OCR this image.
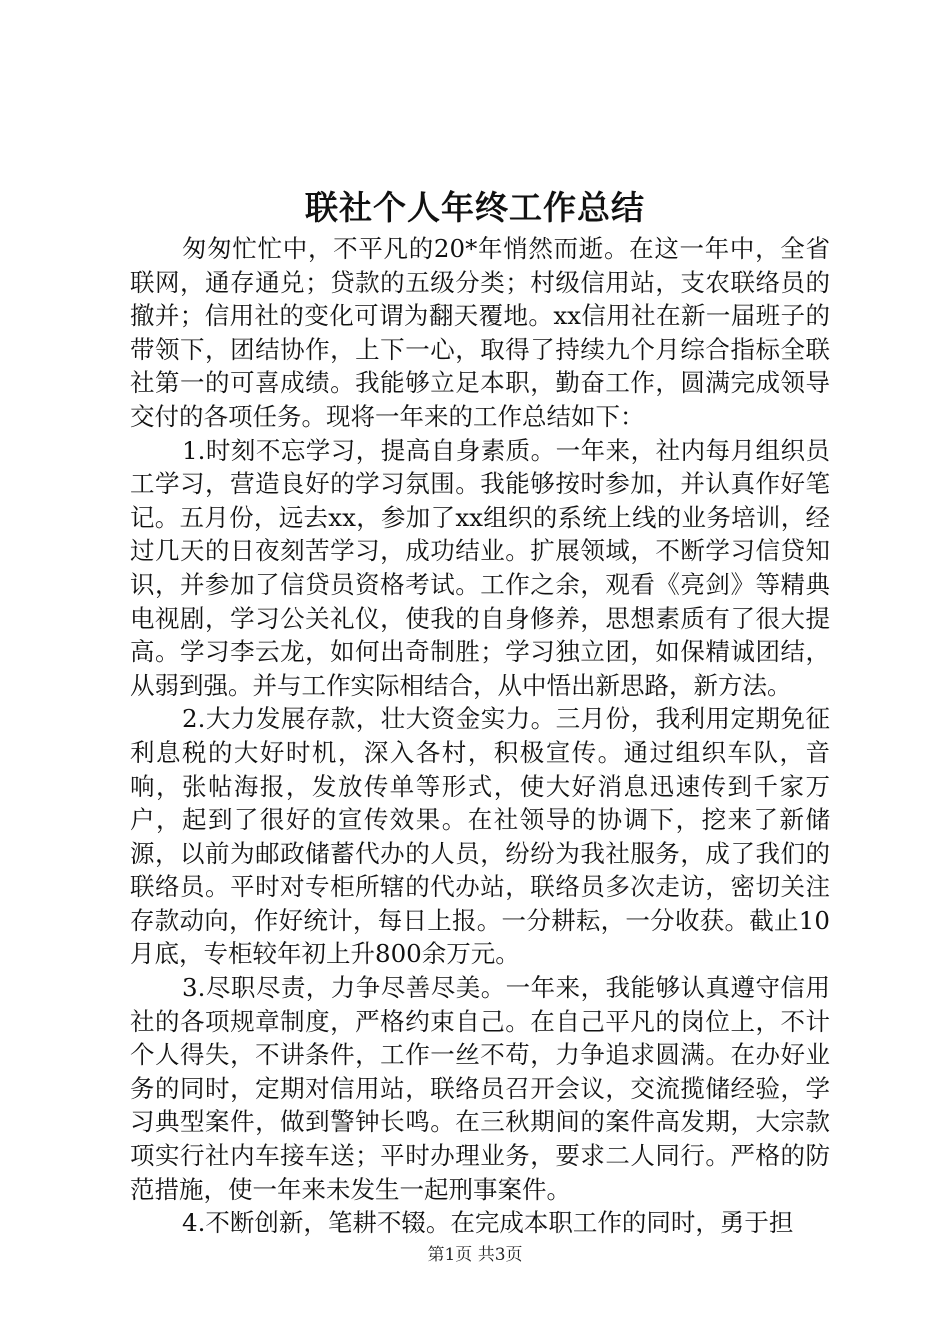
联社个人年终工作总结

匆匆忙忙中，不平凡的20*年悄然而逝。在这一年中，全省联网，通存通兑；贷款的五级分类；村级信用站，支农联络员的撤并；信用社的变化可谓为翻天覆地。xx信用社在新一届班子的带领下，团结协作，上下一心，取得了持续九个月综合指标全联社第一的可喜成绩。我能够立足本职，勤奋工作，圆满完成领导交付的各项任务。现将一年来的工作总结如下：

1.时刻不忘学习，提高自身素质。一年来，社内每月组织员工学习，营造良好的学习氛围。我能够按时参加，并认真作好笔记。五月份，远去xx，参加了xx组织的系统上线的业务培训，经过几天的日夜刻苦学习，成功结业。扩展领域，不断学习信贷知识，并参加了信贷员资格考试。工作之余，观看《亮剑》等精典电视剧，学习公关礼仪，使我的自身修养，思想素质有了很大提高。学习李云龙，如何出奇制胜；学习独立团，如保精诚团结，从弱到强。并与工作实际相结合，从中悟出新思路，新方法。

2.大力发展存款，壮大资金实力。三月份，我利用定期免征利息税的大好时机，深入各村，积极宣传。通过组织车队，音响，张帖海报，发放传单等形式，使大好消息迅速传到千家万户，起到了很好的宣传效果。在社领导的协调下，挖来了新储源，以前为邮政储蓄代办的人员，纷纷为我社服务，成了我们的联络员。平时对专柜所辖的代办站，联络员多次走访，密切关注存款动向，作好统计，每日上报。一分耕耘，一分收获。截止10月底，专柜较年初上升800余万元。

3.尽职尽责，力争尽善尽美。一年来，我能够认真遵守信用社的各项规章制度，严格约束自己。在自己平凡的岗位上，不计个人得失，不讲条件，工作一丝不苟，力争追求圆满。在办好业务的同时，定期对信用站，联络员召开会议，交流揽储经验，学习典型案件，做到警钟长鸣。在三秋期间的案件高发期，大宗款项实行社内车接车送；平时办理业务，要求二人同行。严格的防范措施，使一年来未发生一起刑事案件。

4.不断创新，笔耕不辍。在完成本职工作的同时，勇于担

第1页 共3页
